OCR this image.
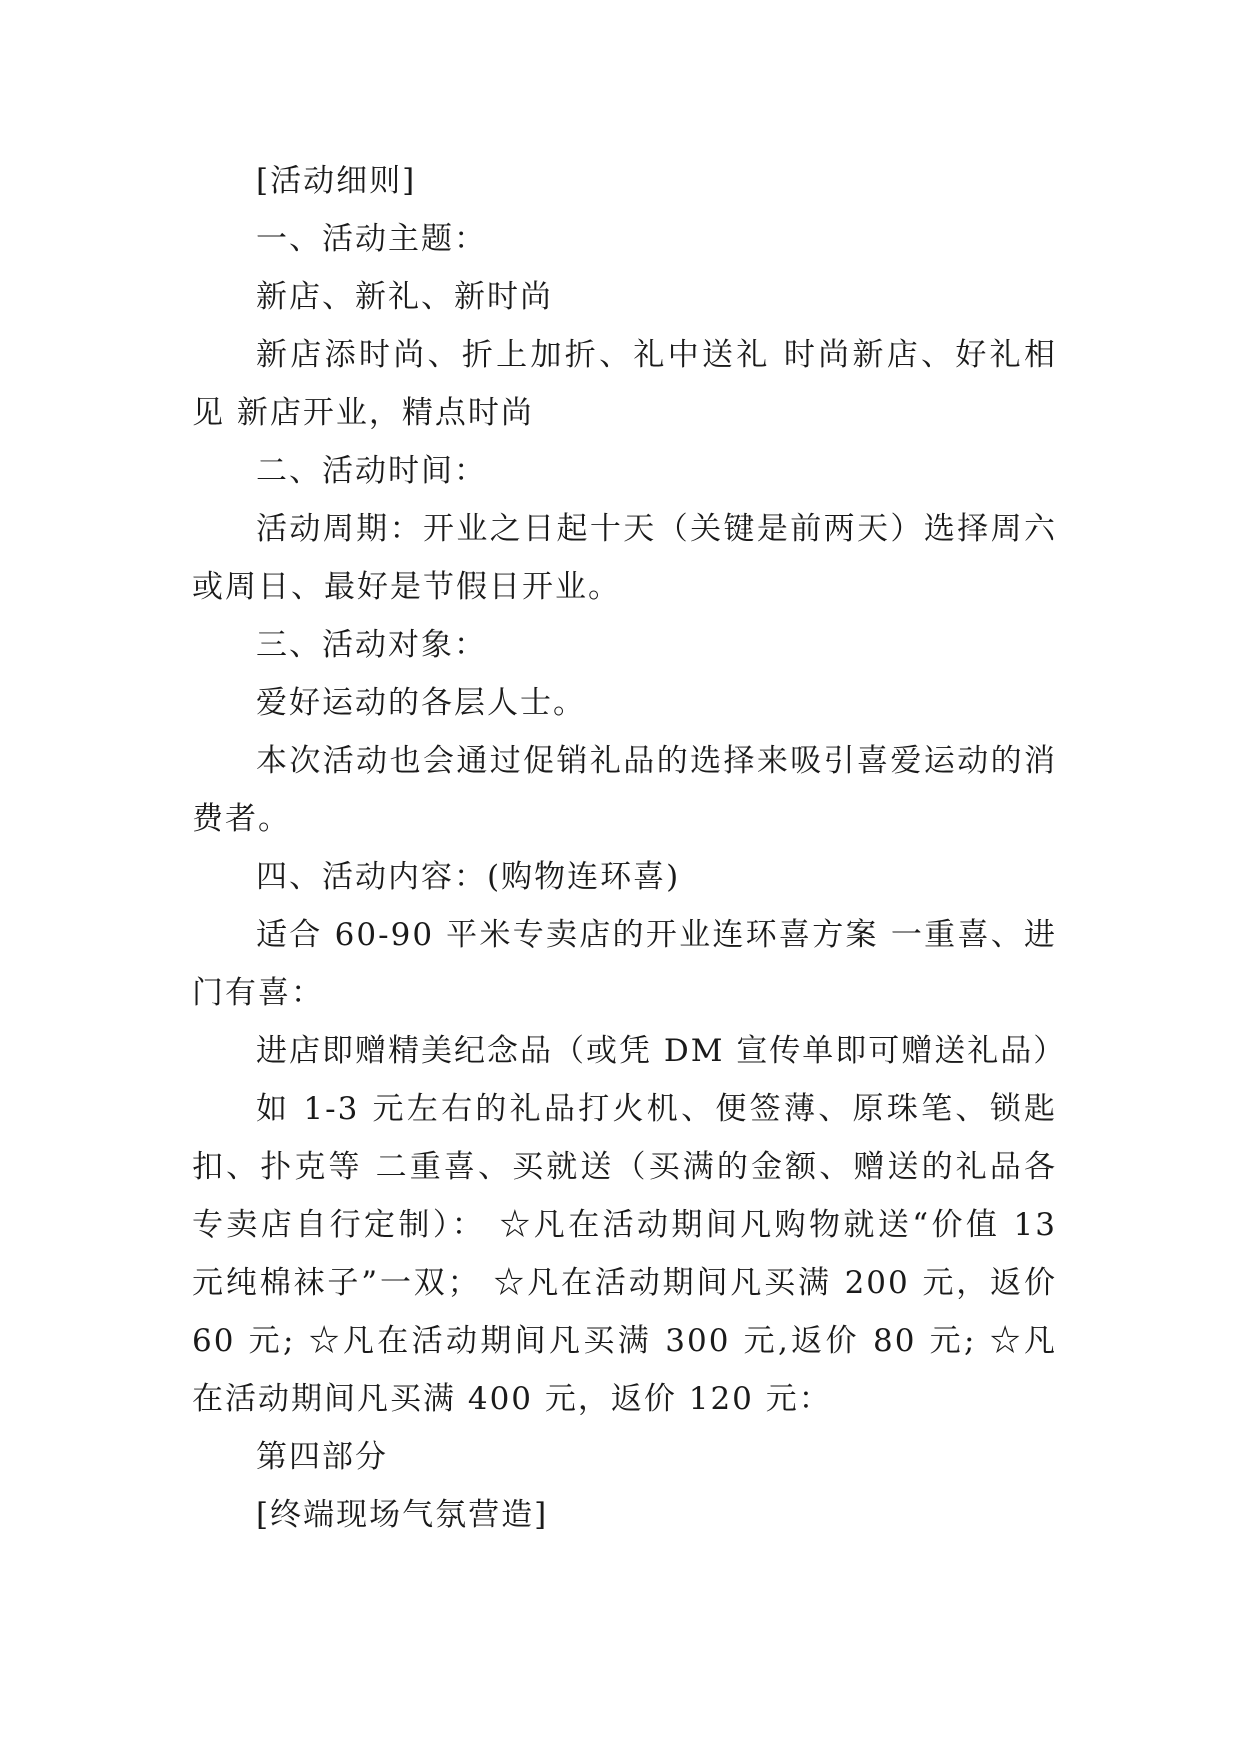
[活动细则]

一、活动主题：

新店、新礼、新时尚

新店添时尚、折上加折、礼中送礼 时尚新店、好礼相见 新店开业，精点时尚

二、活动时间：

活动周期：开业之日起十天（关键是前两天）选择周六或周日、最好是节假日开业。

三、活动对象：

爱好运动的各层人士。

本次活动也会通过促销礼品的选择来吸引喜爱运动的消费者。

四、活动内容：(购物连环喜)

适合 60-90 平米专卖店的开业连环喜方案 一重喜、进门有喜：

进店即赠精美纪念品（或凭 DM 宣传单即可赠送礼品）

如 1-3 元左右的礼品打火机、便签薄、原珠笔、锁匙扣、扑克等 二重喜、买就送（买满的金额、赠送的礼品各专卖店自行定制）： ☆凡在活动期间凡购物就送“价值 13 元纯棉袜子”一双； ☆凡在活动期间凡买满 200 元，返价 60 元; ☆凡在活动期间凡买满 300 元,返价 80 元; ☆凡在活动期间凡买满 400 元，返价 120 元：

第四部分

[终端现场气氛营造]
